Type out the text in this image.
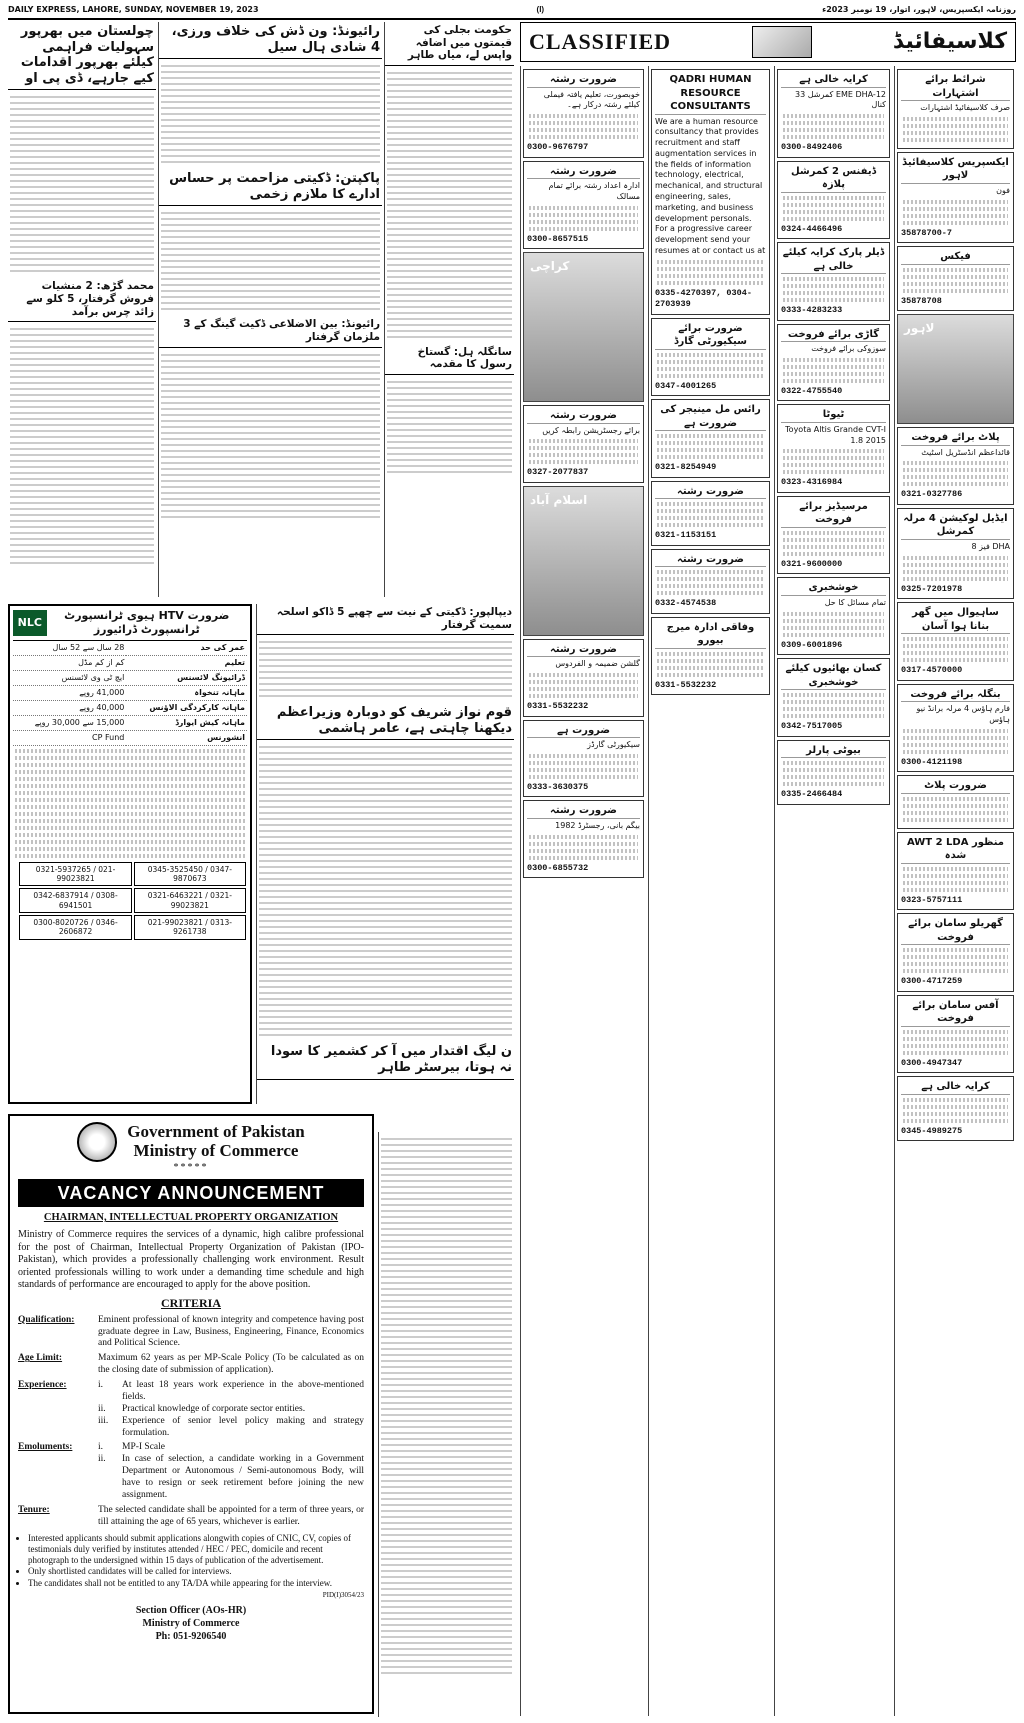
DAILY EXPRESS, LAHORE, SUNDAY, NOVEMBER 19, 2023	(I)	روزنامہ ایکسپریس، لاہور، اتوار، 19 نومبر 2023ء
چولستان میں بھرپور سہولیات فراہمی کیلئے بھرپور اقدامات کیے جارہے، ڈی پی او
محمد گڑھ: 2 منشیات فروش گرفتار، 5 کلو سے زائد چرس برآمد
رائیونڈ: ون ڈش کی خلاف ورزی، 4 شادی ہال سیل
پاکپتن: ڈکیتی مزاحمت پر حساس ادارے کا ملازم زخمی
رائیونڈ: بین الاضلاعی ڈکیت گینگ کے 3 ملزمان گرفتار
حکومت بجلی کی قیمتوں میں اضافہ واپس لے، میاں طاہر
سانگلہ ہل: گستاخ رسول کا مقدمہ
ضرورت HTV ہیوی ٹرانسپورٹ ٹرانسپورٹ ڈرائیورز
NLC
عمر کی حد	28 سال سے 52 سال
تعلیم	کم از کم مڈل
ڈرائیونگ لائسنس	ایچ ٹی وی لائسنس
ماہانہ تنخواہ	41,000 روپے
ماہانہ کارکردگی الاؤنس	40,000 روپے
ماہانہ کیش ایوارڈ	15,000 سے 30,000 روپے
انشورنس	CP Fund
0321-5937265 / 021-990238210345-3525450 / 0347-98706730342-6837914 / 0308-69415010321-6463221 / 0321-990238210300-8020726 / 0346-2606872021-99023821 / 0313-9261738
دیپالپور: ڈکیتی کے نیت سے چھپے 5 ڈاکو اسلحہ سمیت گرفتار
قوم نواز شریف کو دوبارہ وزیراعظم دیکھنا چاہتی ہے، عامر ہاشمی
ن لیگ اقتدار میں آ کر کشمیر کا سودا نہ ہوتا، بیرسٹر طاہر
Government of Pakistan
Ministry of Commerce
*****
VACANCY ANNOUNCEMENT
CHAIRMAN, INTELLECTUAL PROPERTY ORGANIZATION
Ministry of Commerce requires the services of a dynamic, high calibre professional for the post of Chairman, Intellectual Property Organization of Pakistan (IPO-Pakistan), which provides a professionally challenging work environment. Result oriented professionals willing to work under a demanding time schedule and high standards of performance are encouraged to apply for the above position.
CRITERIA
Qualification:	Eminent professional of known integrity and competence having post graduate degree in Law, Business, Engineering, Finance, Economics and Political Science.
Age Limit:	Maximum 62 years as per MP-Scale Policy (To be calculated as on the closing date of submission of application).
Experience:	i.	At least 18 years work experience in the above-mentioned fields.
ii.	Practical knowledge of corporate sector entities.
iii.	Experience of senior level policy making and strategy formulation.
Emoluments:	i.	MP-I Scale
ii.	In case of selection, a candidate working in a Government Department or Autonomous / Semi-autonomous Body, will have to resign or seek retirement before joining the new assignment.
Tenure:	The selected candidate shall be appointed for a term of three years, or till attaining the age of 65 years, whichever is earlier.
• Interested applicants should submit applications alongwith copies of CNIC, CV, copies of testimonials duly verified by institutes attended / HEC / PEC, domicile and recent photograph to the undersigned within 15 days of publication of the advertisement.
• Only shortlisted candidates will be called for interviews.
• The candidates shall not be entitled to any TA/DA while appearing for the interview.
PID(I)3054/23
Section Officer (AOs-HR)
Ministry of Commerce
Ph: 051-9206540
CLASSIFIED	کلاسیفائیڈ
ضرورت رشتہ
خوبصورت، تعلیم یافتہ فیملی کیلئے رشتہ درکار ہے۔
0300-9676797
ضرورت رشتہ
ادارہ اعداد رشتہ برائے تمام مسالک
0300-8657515
کراچی
ضرورت رشتہ
برائے رجسٹریشن رابطہ کریں
0327-2077837
اسلام آباد
ضرورت رشتہ
گلشن ضمیمہ و الفردوس
0331-5532232
ضرورت ہے
سیکیورٹی گارڈز
0333-3630375
ضرورت رشتہ
بیگم بانی، رجسٹرڈ 1982
0300-6855732
QADRI HUMAN RESOURCE CONSULTANTS
We are a human resource consultancy that provides recruitment and staff augmentation services in the fields of information technology, electrical, mechanical, and structural engineering, sales, marketing, and business development personals. For a progressive career development send your resumes at or contact us at
0335-4270397, 0304-2703939
ضرورت برائے سیکیورٹی گارڈ
0347-4001265
رائس مل مینیجر کی ضرورت ہے
0321-8254949
ضرورت رشتہ
0321-1153151
ضرورت رشتہ
0332-4574538
وفاقی ادارہ میرج بیورو
0331-5532232
کرایہ خالی ہے
EME DHA-12 کمرشل 33 کنال
0300-8492406
ڈیفنس 2 کمرشل پلازہ
0324-4466496
ڈیلر پارک کرایہ کیلئے خالی ہے
0333-4283233
گاڑی برائے فروخت
سوزوکی برائے فروخت
0322-4755540
ٹیوٹا
Toyota Altis Grande CVT-I 1.8 2015
0323-4316984
مرسیڈیز برائے فروخت
0321-9600000
خوشخبری
تمام مسائل کا حل
0309-6001896
کسان بھائیوں کیلئے خوشخبری
0342-7517005
بیوٹی پارلر
0335-2466484
شرائط برائے اشتہارات
صرف کلاسیفائیڈ اشتہارات
ایکسپریس کلاسیفائیڈ لاہور
فون
35878700-7
فیکس
35878708
لاہور
پلاٹ برائے فروخت
قائداعظم انڈسٹریل اسٹیٹ
0321-0327786
ایڈیل لوکیشن 4 مرلہ کمرشل
DHA فیز 8
0325-7201978
ساہیوال میں گھر بنانا ہوا آسان
0317-4570000
بنگلہ برائے فروخت
فارم ہاؤس 4 مرلہ برانڈ نیو ہاؤس
0300-4121198
ضرورت پلاٹ
AWT 2 LDA منظور شدہ
0323-5757111
گھریلو سامان برائے فروخت
0300-4717259
آفس سامان برائے فروخت
0300-4947347
کرایہ خالی ہے
0345-4989275
